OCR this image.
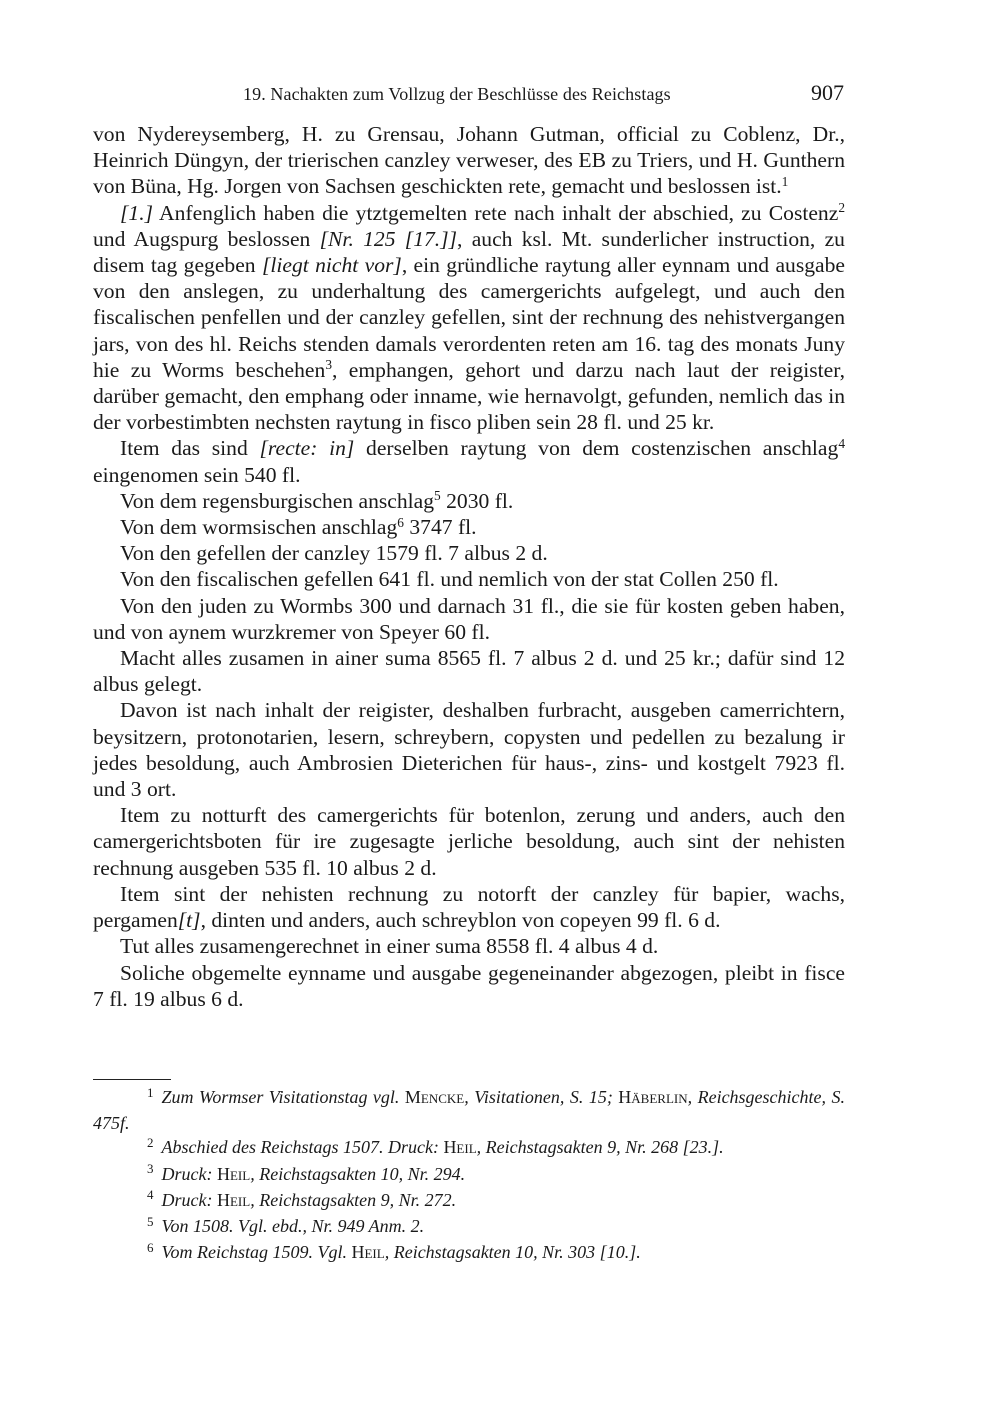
19. Nachakten zum Vollzug der Beschlüsse des Reichstags	907

von Nydereysemberg, H. zu Grensau, Johann Gutman, official zu Coblenz, Dr., Heinrich Düngyn, der trierischen canzley verweser, des EB zu Triers, und H. Gunthern von Büna, Hg. Jorgen von Sachsen geschickten rete, gemacht und beslossen ist.$^1$

[1.] Anfenglich haben die ytztgemelten rete nach inhalt der abschied, zu Costenz$^2$ und Augspurg beslossen [Nr. 125 [17.]], auch ksl. Mt. sunderlicher instruction, zu disem tag gegeben [liegt nicht vor], ein gründliche raytung aller eynnam und ausgabe von den anslegen, zu underhaltung des camergerichts aufgelegt, und auch den fiscalischen penfellen und der canzley gefellen, sint der rechnung des nehistvergangen jars, von des hl. Reichs stenden damals verordenten reten am 16. tag des monats Juny hie zu Worms beschehen$^3$, emphangen, gehort und darzu nach laut der reigister, darüber gemacht, den emphang oder inname, wie hernavolgt, gefunden, nemlich das in der vorbestimbten nechsten raytung in fisco pliben sein 28 fl. und 25 kr.

Item das sind [recte: in] derselben raytung von dem costenzischen anschlag$^4$ eingenomen sein 540 fl.

Von dem regensburgischen anschlag$^5$ 2030 fl.

Von dem wormsischen anschlag$^6$ 3747 fl.

Von den gefellen der canzley 1579 fl. 7 albus 2 d.

Von den fiscalischen gefellen 641 fl. und nemlich von der stat Collen 250 fl.

Von den juden zu Wormbs 300 und darnach 31 fl., die sie für kosten geben haben, und von aynem wurzkremer von Speyer 60 fl.

Macht alles zusamen in ainer suma 8565 fl. 7 albus 2 d. und 25 kr.; dafür sind 12 albus gelegt.

Davon ist nach inhalt der reigister, deshalben furbracht, ausgeben camerrichtern, beysitzern, protonotarien, lesern, schreybern, copysten und pedellen zu bezalung ir jedes besoldung, auch Ambrosien Dieterichen für haus-, zins- und kostgelt 7923 fl. und 3 ort.

Item zu notturft des camergerichts für botenlon, zerung und anders, auch den camergerichtsboten für ire zugesagte jerliche besoldung, auch sint der nehisten rechnung ausgeben 535 fl. 10 albus 2 d.

Item sint der nehisten rechnung zu notorft der canzley für bapier, wachs, pergamen[t], dinten und anders, auch schreyblon von copeyen 99 fl. 6 d.

Tut alles zusamengerechnet in einer suma 8558 fl. 4 albus 4 d.

Soliche obgemelte eynname und ausgabe gegeneinander abgezogen, pleibt in fisce 7 fl. 19 albus 6 d.

1 Zum Wormser Visitationstag vgl. Mencke, Visitationen, S. 15; Häberlin, Reichsgeschichte, S. 475f.

2 Abschied des Reichstags 1507. Druck: Heil, Reichstagsakten 9, Nr. 268 [23.].

3 Druck: Heil, Reichstagsakten 10, Nr. 294.

4 Druck: Heil, Reichstagsakten 9, Nr. 272.

5 Von 1508. Vgl. ebd., Nr. 949 Anm. 2.

6 Vom Reichstag 1509. Vgl. Heil, Reichstagsakten 10, Nr. 303 [10.].
